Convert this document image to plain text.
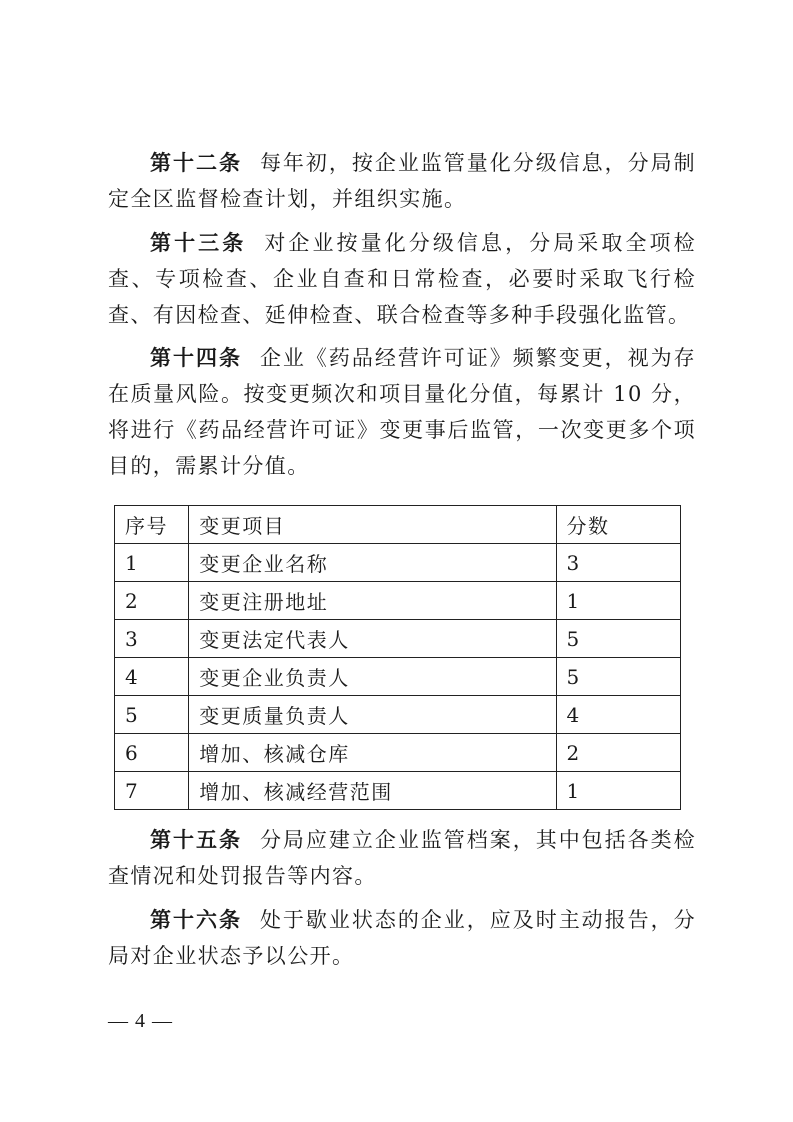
第十二条 每年初，按企业监管量化分级信息，分局制定全区监督检查计划，并组织实施。

第十三条 对企业按量化分级信息，分局采取全项检查、专项检查、企业自查和日常检查，必要时采取飞行检查、有因检查、延伸检查、联合检查等多种手段强化监管。

第十四条 企业《药品经营许可证》频繁变更，视为存在质量风险。按变更频次和项目量化分值，每累计 10 分，将进行《药品经营许可证》变更事后监管，一次变更多个项目的，需累计分值。

序号	变更项目	分数
1	变更企业名称	3
2	变更注册地址	1
3	变更法定代表人	5
4	变更企业负责人	5
5	变更质量负责人	4
6	增加、核减仓库	2
7	增加、核减经营范围	1

第十五条 分局应建立企业监管档案，其中包括各类检查情况和处罚报告等内容。

第十六条 处于歇业状态的企业，应及时主动报告，分局对企业状态予以公开。

— 4 —
